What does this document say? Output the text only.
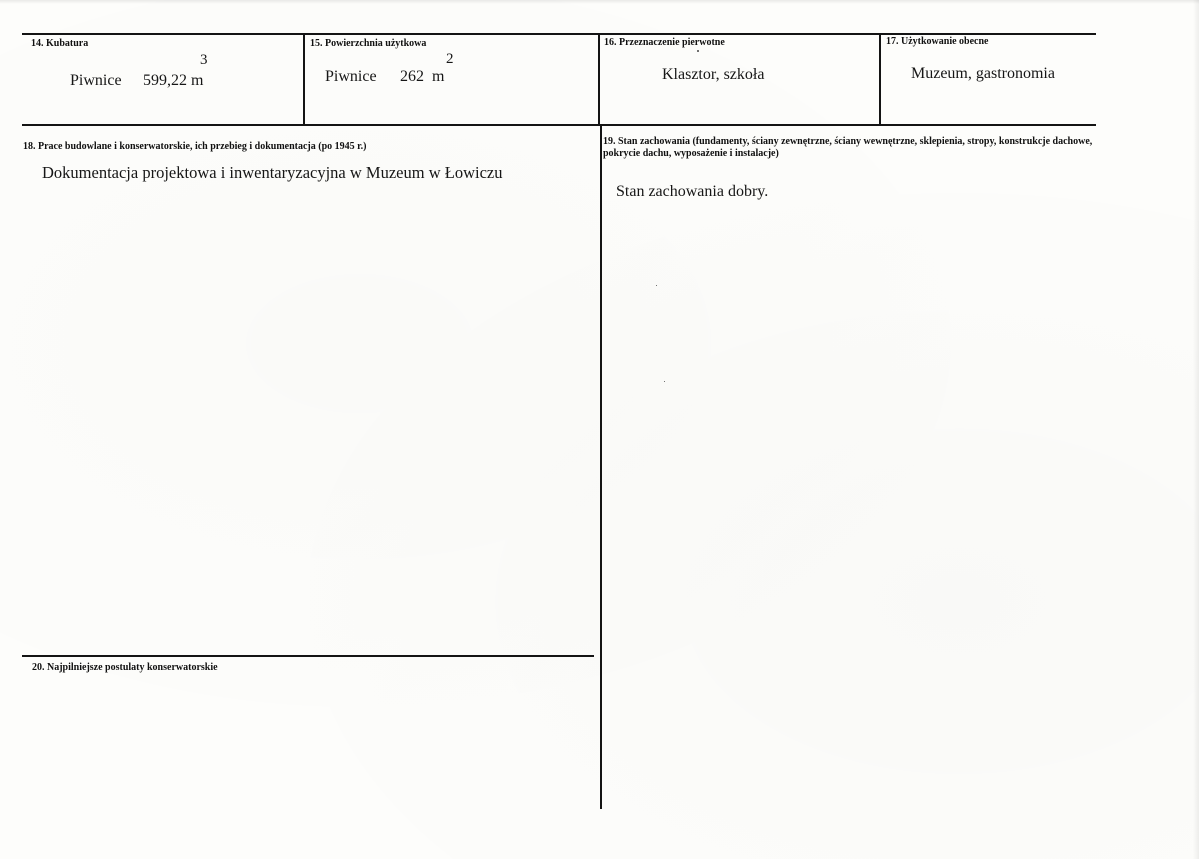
14. Kubatura
3
Piwnice 599,22 m
15. Powierzchnia użytkowa
2
Piwnice 262  m
16. Przeznaczenie pierwotne
Klasztor, szkoła
17. Użytkowanie obecne
Muzeum, gastronomia
18. Prace budowlane i konserwatorskie, ich przebieg i dokumentacja (po 1945 r.)
Dokumentacja projektowa i inwentaryzacyjna w Muzeum w Łowiczu
19. Stan zachowania (fundamenty, ściany zewnętrzne, ściany wewnętrzne, sklepienia, stropy, konstrukcje dachowe, pokrycie dachu, wyposażenie i instalacje)
Stan zachowania dobry.
20. Najpilniejsze postulaty konserwatorskie
